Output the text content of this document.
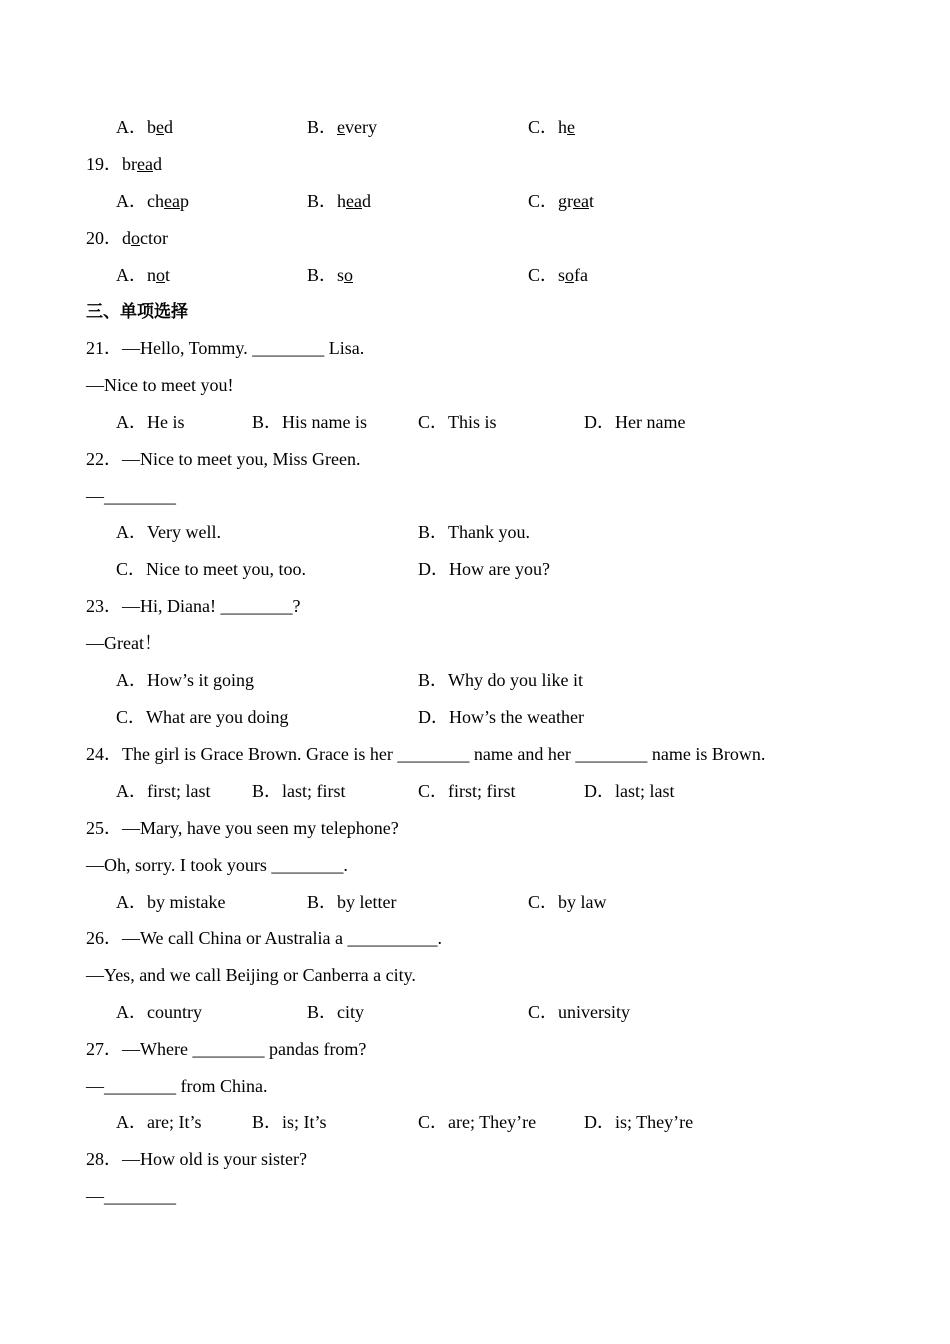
A．bed	B．every	C．he
19．bread
A．cheap	B．head	C．great
20．doctor
A．not	B．so	C．sofa
三、单项选择
21．—Hello, Tommy. ________ Lisa.
—Nice to meet you!
A．He is	B．His name is	C．This is	D．Her name
22．—Nice to meet you, Miss Green.
—________
A．Very well.	B．Thank you.
C．Nice to meet you, too.	D．How are you?
23．—Hi, Diana! ________?
—Great！
A．How’s it going	B．Why do you like it
C．What are you doing	D．How’s the weather
24．The girl is Grace Brown. Grace is her ________ name and her ________ name is Brown.
A．first; last B．last; first	C．first; first	D．last; last
25．—Mary, have you seen my telephone?
—Oh, sorry. I took yours ________.
A．by mistake	B．by letter	C．by law
26．—We call China or Australia a __________.
—Yes, and we call Beijing or Canberra a city.
A．country	B．city	C．university
27．—Where ________ pandas from?
—________ from China.
A．are; It’s	B．is; It’s	C．are; They’re	D．is; They’re
28．—How old is your sister?
—________
